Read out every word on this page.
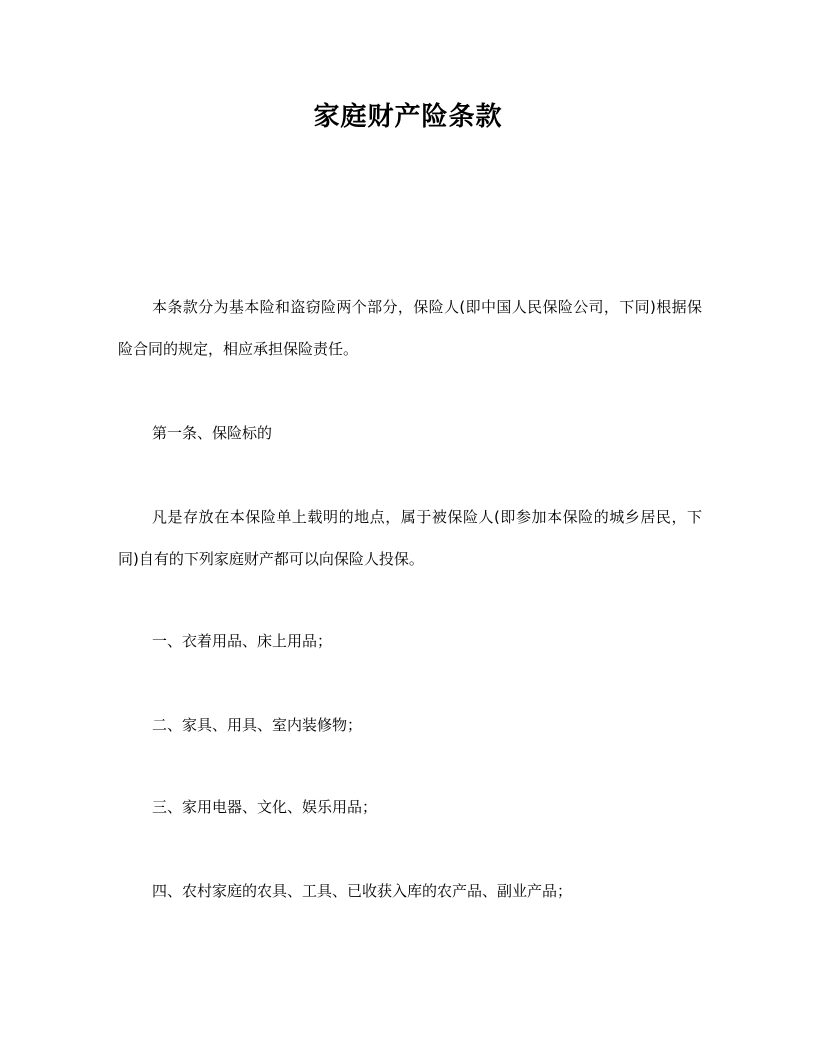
家庭财产险条款

本条款分为基本险和盗窃险两个部分，保险人(即中国人民保险公司，下同)根据保险合同的规定，相应承担保险责任。

第一条、保险标的

凡是存放在本保险单上载明的地点，属于被保险人(即参加本保险的城乡居民，下同)自有的下列家庭财产都可以向保险人投保。

一、衣着用品、床上用品；

二、家具、用具、室内装修物；

三、家用电器、文化、娱乐用品；

四、农村家庭的农具、工具、已收获入库的农产品、副业产品；
